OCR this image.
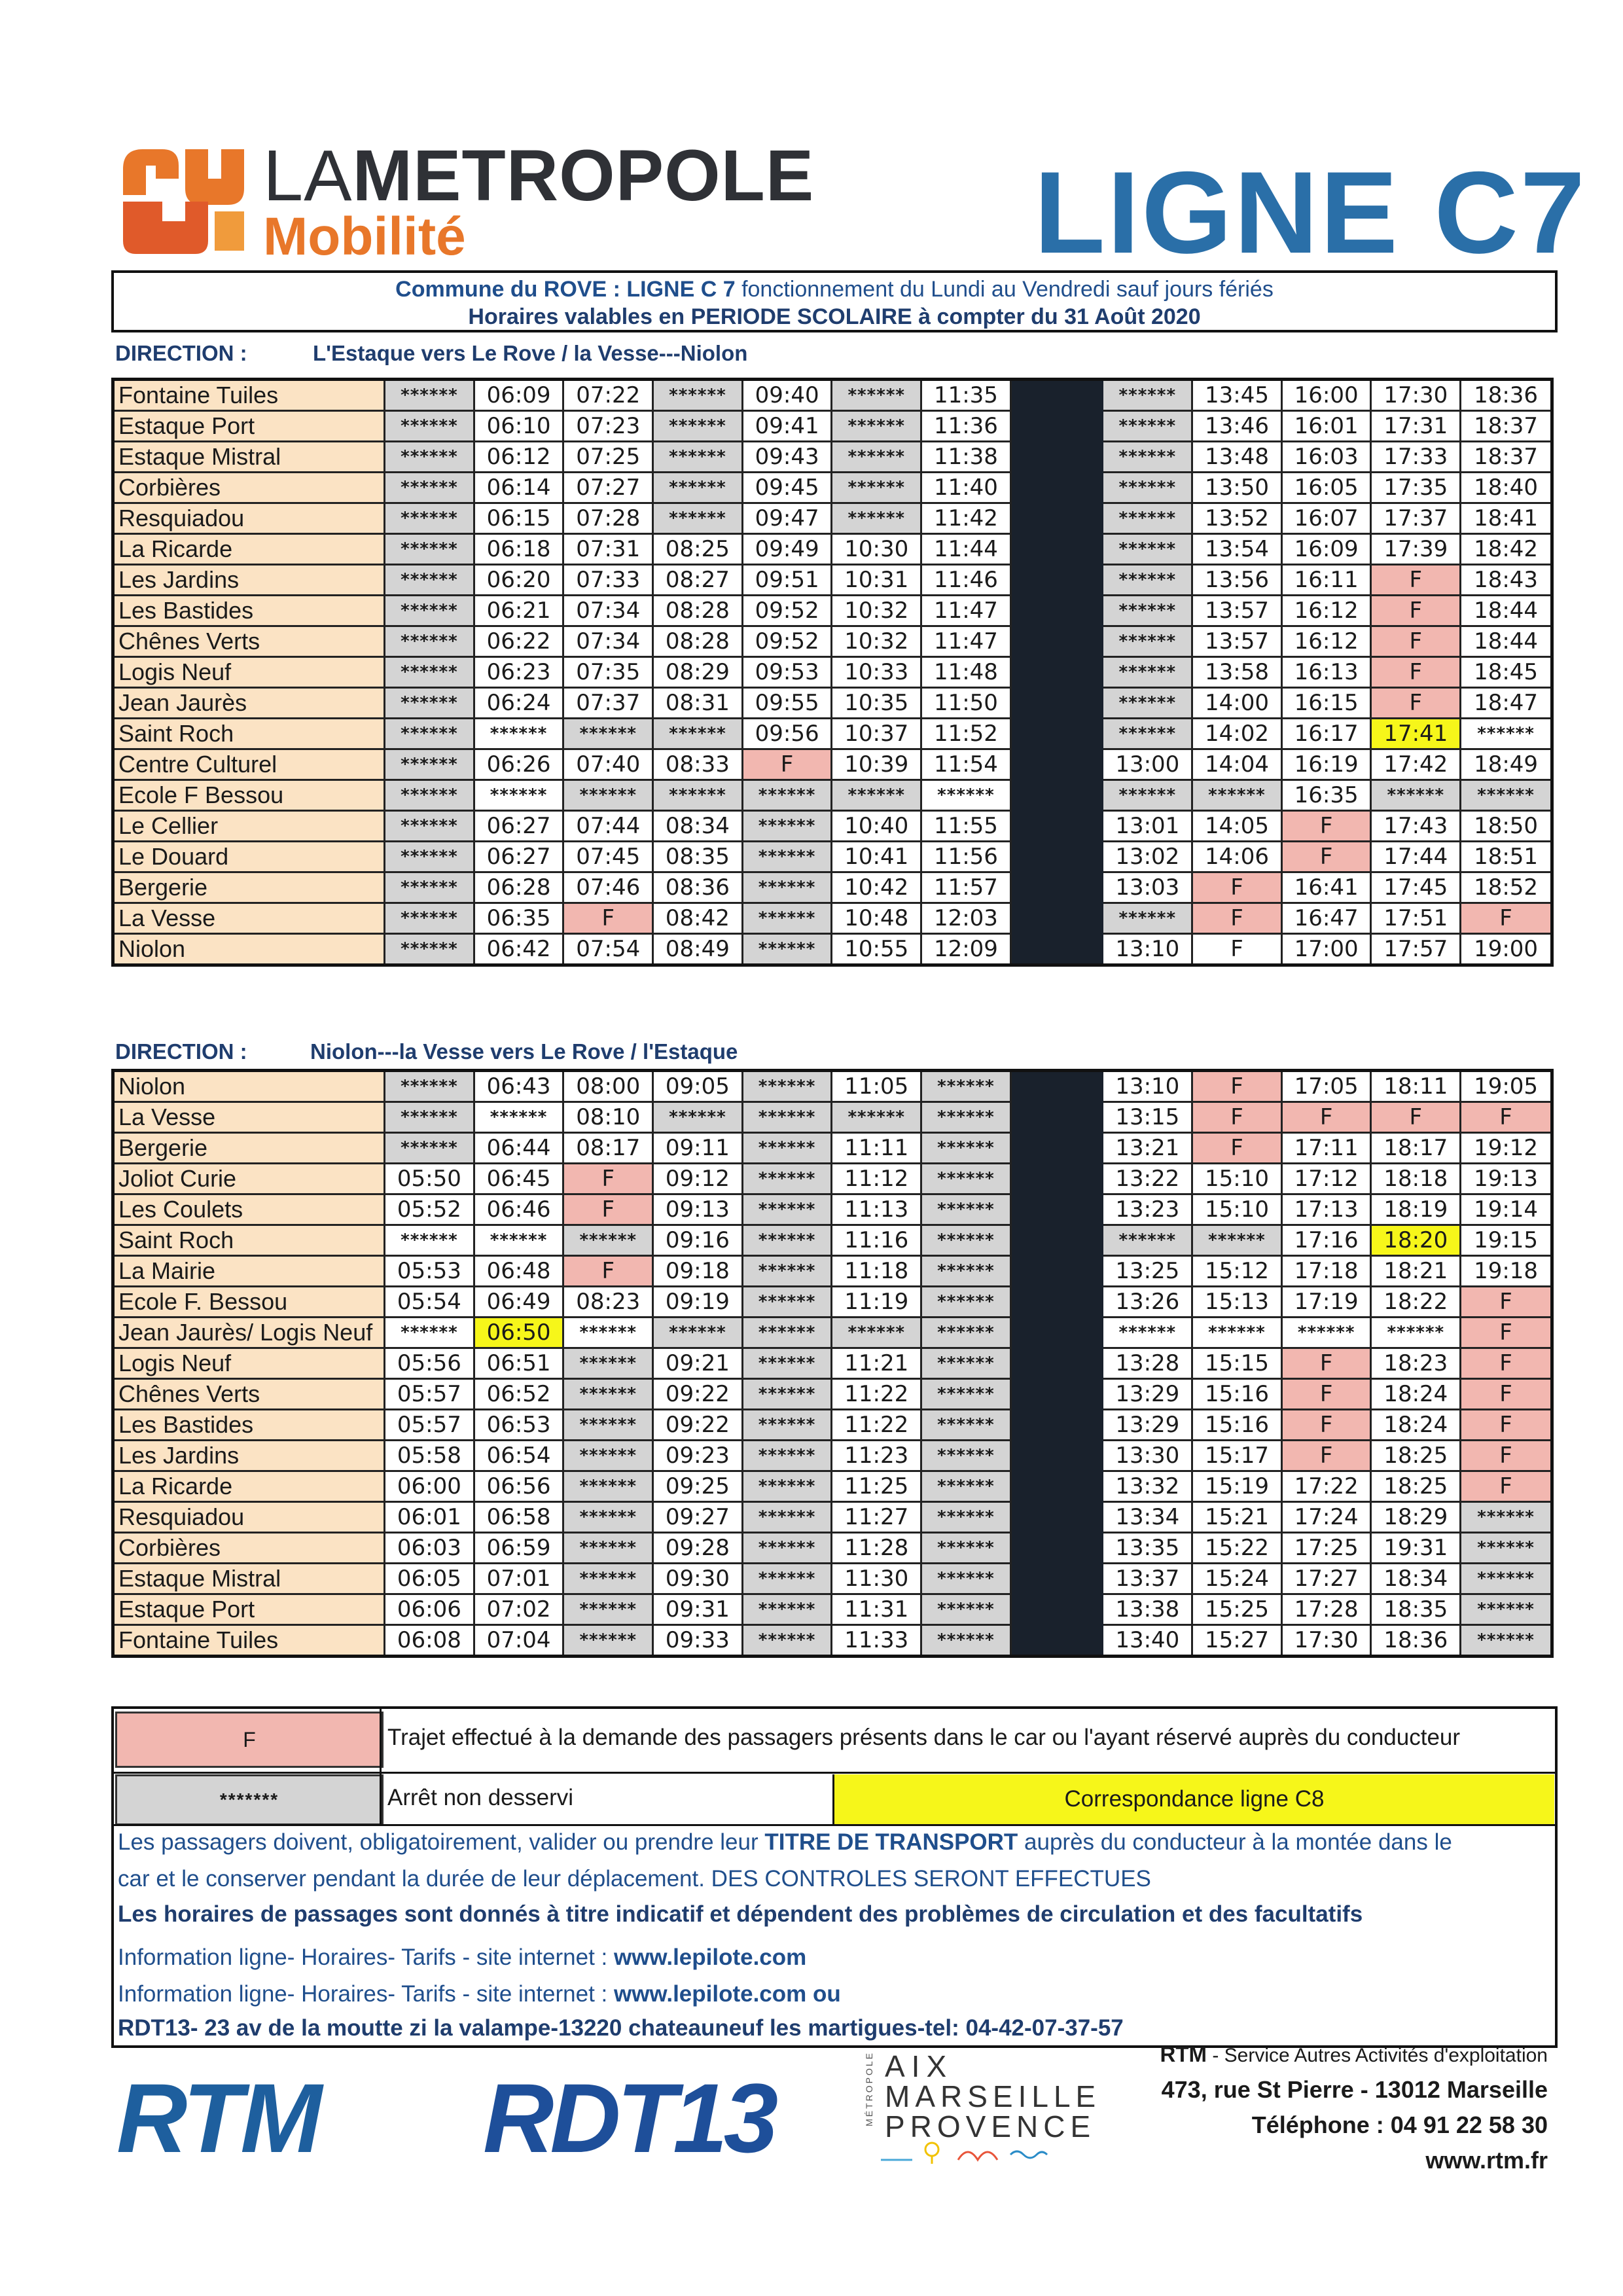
LAMETROPOLE
Mobilité	LIGNE C7
Commune du ROVE : LIGNE C 7 fonctionnement du Lundi au Vendredi sauf jours fériés
Horaires valables en PERIODE SCOLAIRE à compter du 31 Août 2020
DIRECTION :	L'Estaque vers Le Rove / la Vesse---Niolon
Fontaine Tuiles	******	06:09	07:22	******	09:40	******	11:35		******	13:45	16:00	17:30	18:36
Estaque Port	******	06:10	07:23	******	09:41	******	11:36		******	13:46	16:01	17:31	18:37
Estaque Mistral	******	06:12	07:25	******	09:43	******	11:38		******	13:48	16:03	17:33	18:37
Corbières	******	06:14	07:27	******	09:45	******	11:40		******	13:50	16:05	17:35	18:40
Resquiadou	******	06:15	07:28	******	09:47	******	11:42		******	13:52	16:07	17:37	18:41
La Ricarde	******	06:18	07:31	08:25	09:49	10:30	11:44		******	13:54	16:09	17:39	18:42
Les Jardins	******	06:20	07:33	08:27	09:51	10:31	11:46		******	13:56	16:11	F	18:43
Les Bastides	******	06:21	07:34	08:28	09:52	10:32	11:47		******	13:57	16:12	F	18:44
Chênes Verts	******	06:22	07:34	08:28	09:52	10:32	11:47		******	13:57	16:12	F	18:44
Logis Neuf	******	06:23	07:35	08:29	09:53	10:33	11:48		******	13:58	16:13	F	18:45
Jean Jaurès	******	06:24	07:37	08:31	09:55	10:35	11:50		******	14:00	16:15	F	18:47
Saint Roch	******	******	******	******	09:56	10:37	11:52		******	14:02	16:17	17:41	******
Centre Culturel	******	06:26	07:40	08:33	F	10:39	11:54		13:00	14:04	16:19	17:42	18:49
Ecole F Bessou	******	******	******	******	******	******	******		******	******	16:35	******	******
Le Cellier	******	06:27	07:44	08:34	******	10:40	11:55		13:01	14:05	F	17:43	18:50
Le Douard	******	06:27	07:45	08:35	******	10:41	11:56		13:02	14:06	F	17:44	18:51
Bergerie	******	06:28	07:46	08:36	******	10:42	11:57		13:03	F	16:41	17:45	18:52
La Vesse	******	06:35	F	08:42	******	10:48	12:03		******	F	16:47	17:51	F
Niolon	******	06:42	07:54	08:49	******	10:55	12:09		13:10	F	17:00	17:57	19:00
DIRECTION :	Niolon---la Vesse vers Le Rove / l'Estaque
Niolon	******	06:43	08:00	09:05	******	11:05	******		13:10	F	17:05	18:11	19:05
La Vesse	******	******	08:10	******	******	******	******		13:15	F	F	F	F
Bergerie	******	06:44	08:17	09:11	******	11:11	******		13:21	F	17:11	18:17	19:12
Joliot Curie	05:50	06:45	F	09:12	******	11:12	******		13:22	15:10	17:12	18:18	19:13
Les Coulets	05:52	06:46	F	09:13	******	11:13	******		13:23	15:10	17:13	18:19	19:14
Saint Roch	******	******	******	09:16	******	11:16	******		******	******	17:16	18:20	19:15
La Mairie	05:53	06:48	F	09:18	******	11:18	******		13:25	15:12	17:18	18:21	19:18
Ecole F. Bessou	05:54	06:49	08:23	09:19	******	11:19	******		13:26	15:13	17:19	18:22	F
Jean Jaurès/ Logis Neuf	******	06:50	******	******	******	******	******		******	******	******	******	F
Logis Neuf	05:56	06:51	******	09:21	******	11:21	******		13:28	15:15	F	18:23	F
Chênes Verts	05:57	06:52	******	09:22	******	11:22	******		13:29	15:16	F	18:24	F
Les Bastides	05:57	06:53	******	09:22	******	11:22	******		13:29	15:16	F	18:24	F
Les Jardins	05:58	06:54	******	09:23	******	11:23	******		13:30	15:17	F	18:25	F
La Ricarde	06:00	06:56	******	09:25	******	11:25	******		13:32	15:19	17:22	18:25	F
Resquiadou	06:01	06:58	******	09:27	******	11:27	******		13:34	15:21	17:24	18:29	******
Corbières	06:03	06:59	******	09:28	******	11:28	******		13:35	15:22	17:25	19:31	******
Estaque Mistral	06:05	07:01	******	09:30	******	11:30	******		13:37	15:24	17:27	18:34	******
Estaque Port	06:06	07:02	******	09:31	******	11:31	******		13:38	15:25	17:28	18:35	******
Fontaine Tuiles	06:08	07:04	******	09:33	******	11:33	******		13:40	15:27	17:30	18:36	******
F	Trajet effectué à la demande des passagers présents dans le car ou l'ayant réservé auprès du conducteur
*******	Arrêt non desservi	Correspondance ligne C8
Les passagers doivent, obligatoirement, valider ou prendre leur TITRE DE TRANSPORT auprès du conducteur à la montée dans le
car et le conserver pendant la durée de leur déplacement. DES CONTROLES SERONT EFFECTUES
Les horaires de passages sont donnés à titre indicatif et dépendent des problèmes de circulation et des facultatifs
Information ligne- Horaires- Tarifs - site internet : www.lepilote.com
Information ligne- Horaires- Tarifs - site internet : www.lepilote.com ou
RDT13- 23 av de la moutte zi la valampe-13220 chateauneuf les martigues-tel: 04-42-07-37-57
RTM RDT13	MÉTROPOLE AIX
MARSEILLE
PROVENCE
RTM - Service Autres Activités d'exploitation
473, rue St Pierre - 13012 Marseille
Téléphone : 04 91 22 58 30
www.rtm.fr
